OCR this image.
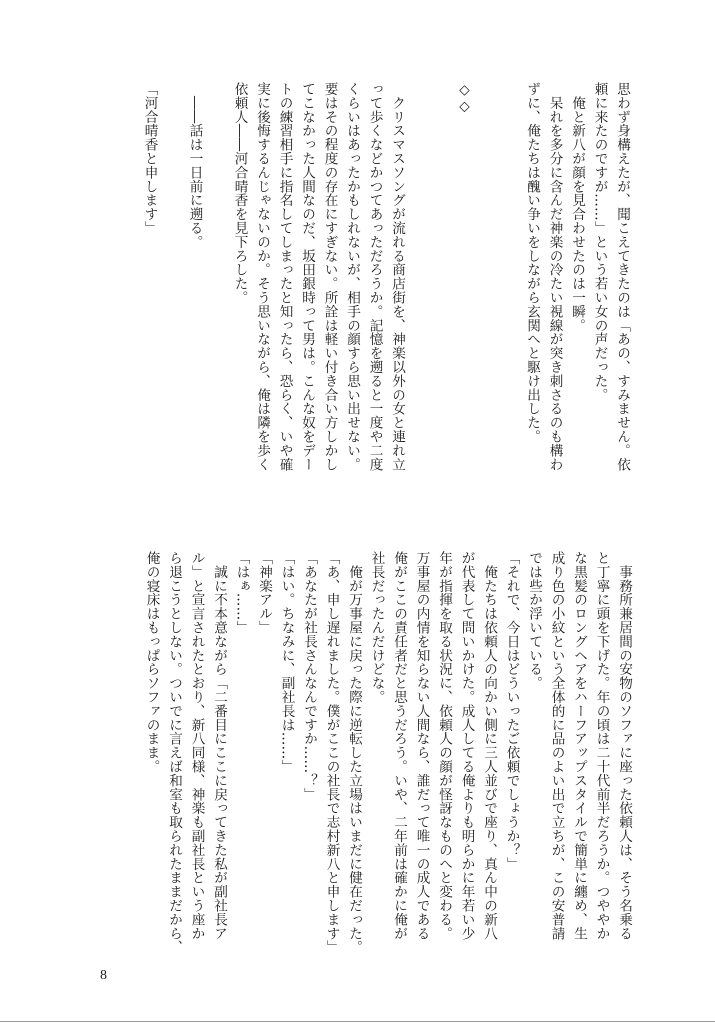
思わず身構えたが、聞こえてきたのは「あの、すみません。依
頼に来たのですが……」という若い女の声だった。
　俺と新八が顔を見合わせたのは一瞬。
　呆れを多分に含んだ神楽の冷たい視線が突き刺さるのも構わ
ずに、俺たちは醜い争いをしながら玄関へと駆け出した。

◇◇

　クリスマスソングが流れる商店街を、神楽以外の女と連れ立
って歩くなどかつてあっただろうか。記憶を遡ると一度や二度
くらいはあったかもしれないが、相手の顔すら思い出せない。
要はその程度の存在にすぎない。所詮は軽い付き合い方しかし
てこなかった人間なのだ、坂田銀時って男は。こんな奴をデー
トの練習相手に指名してしまったと知ったら、恐らく、いや確
実に後悔するんじゃないのか。そう思いながら、俺は隣を歩く
依頼人――河合晴香を見下ろした。

　――話は一日前に遡る。

「河合晴香と申します」
　事務所兼居間の安物のソファに座った依頼人は、そう名乗る
と丁寧に頭を下げた。年の頃は二十代前半だろうか。つややか
な黒髪のロングヘアをハーフアップスタイルで簡単に纏め、生
成り色の小紋という全体的に品のよい出で立ちが、この安普請
では些か浮いている。
「それで、今日はどういったご依頼でしょうか？」
　俺たちは依頼人の向かい側に三人並びで座り、真ん中の新八
が代表して問いかけた。成人してる俺よりも明らかに年若い少
年が指揮を取る状況に、依頼人の顔が怪訝なものへと変わる。
万事屋の内情を知らない人間なら、誰だって唯一の成人である
俺がここの責任者だと思うだろう。いや、二年前は確かに俺が
社長だったんだけどな。
　俺が万事屋に戻った際に逆転した立場はいまだに健在だった。
「あ、申し遅れました。僕がここの社長で志村新八と申します」
「あなたが社長さんなんですか……？」
「はい。ちなみに、副社長は……」
「神楽アル」
「はぁ……」
　誠に不本意ながら「二番目にここに戻ってきた私が副社長ア
ル」と宣言されたとおり、新八同様、神楽も副社長という座か
ら退こうとしない。ついでに言えば和室も取られたままだから、
俺の寝床はもっぱらソファのまま。
8
